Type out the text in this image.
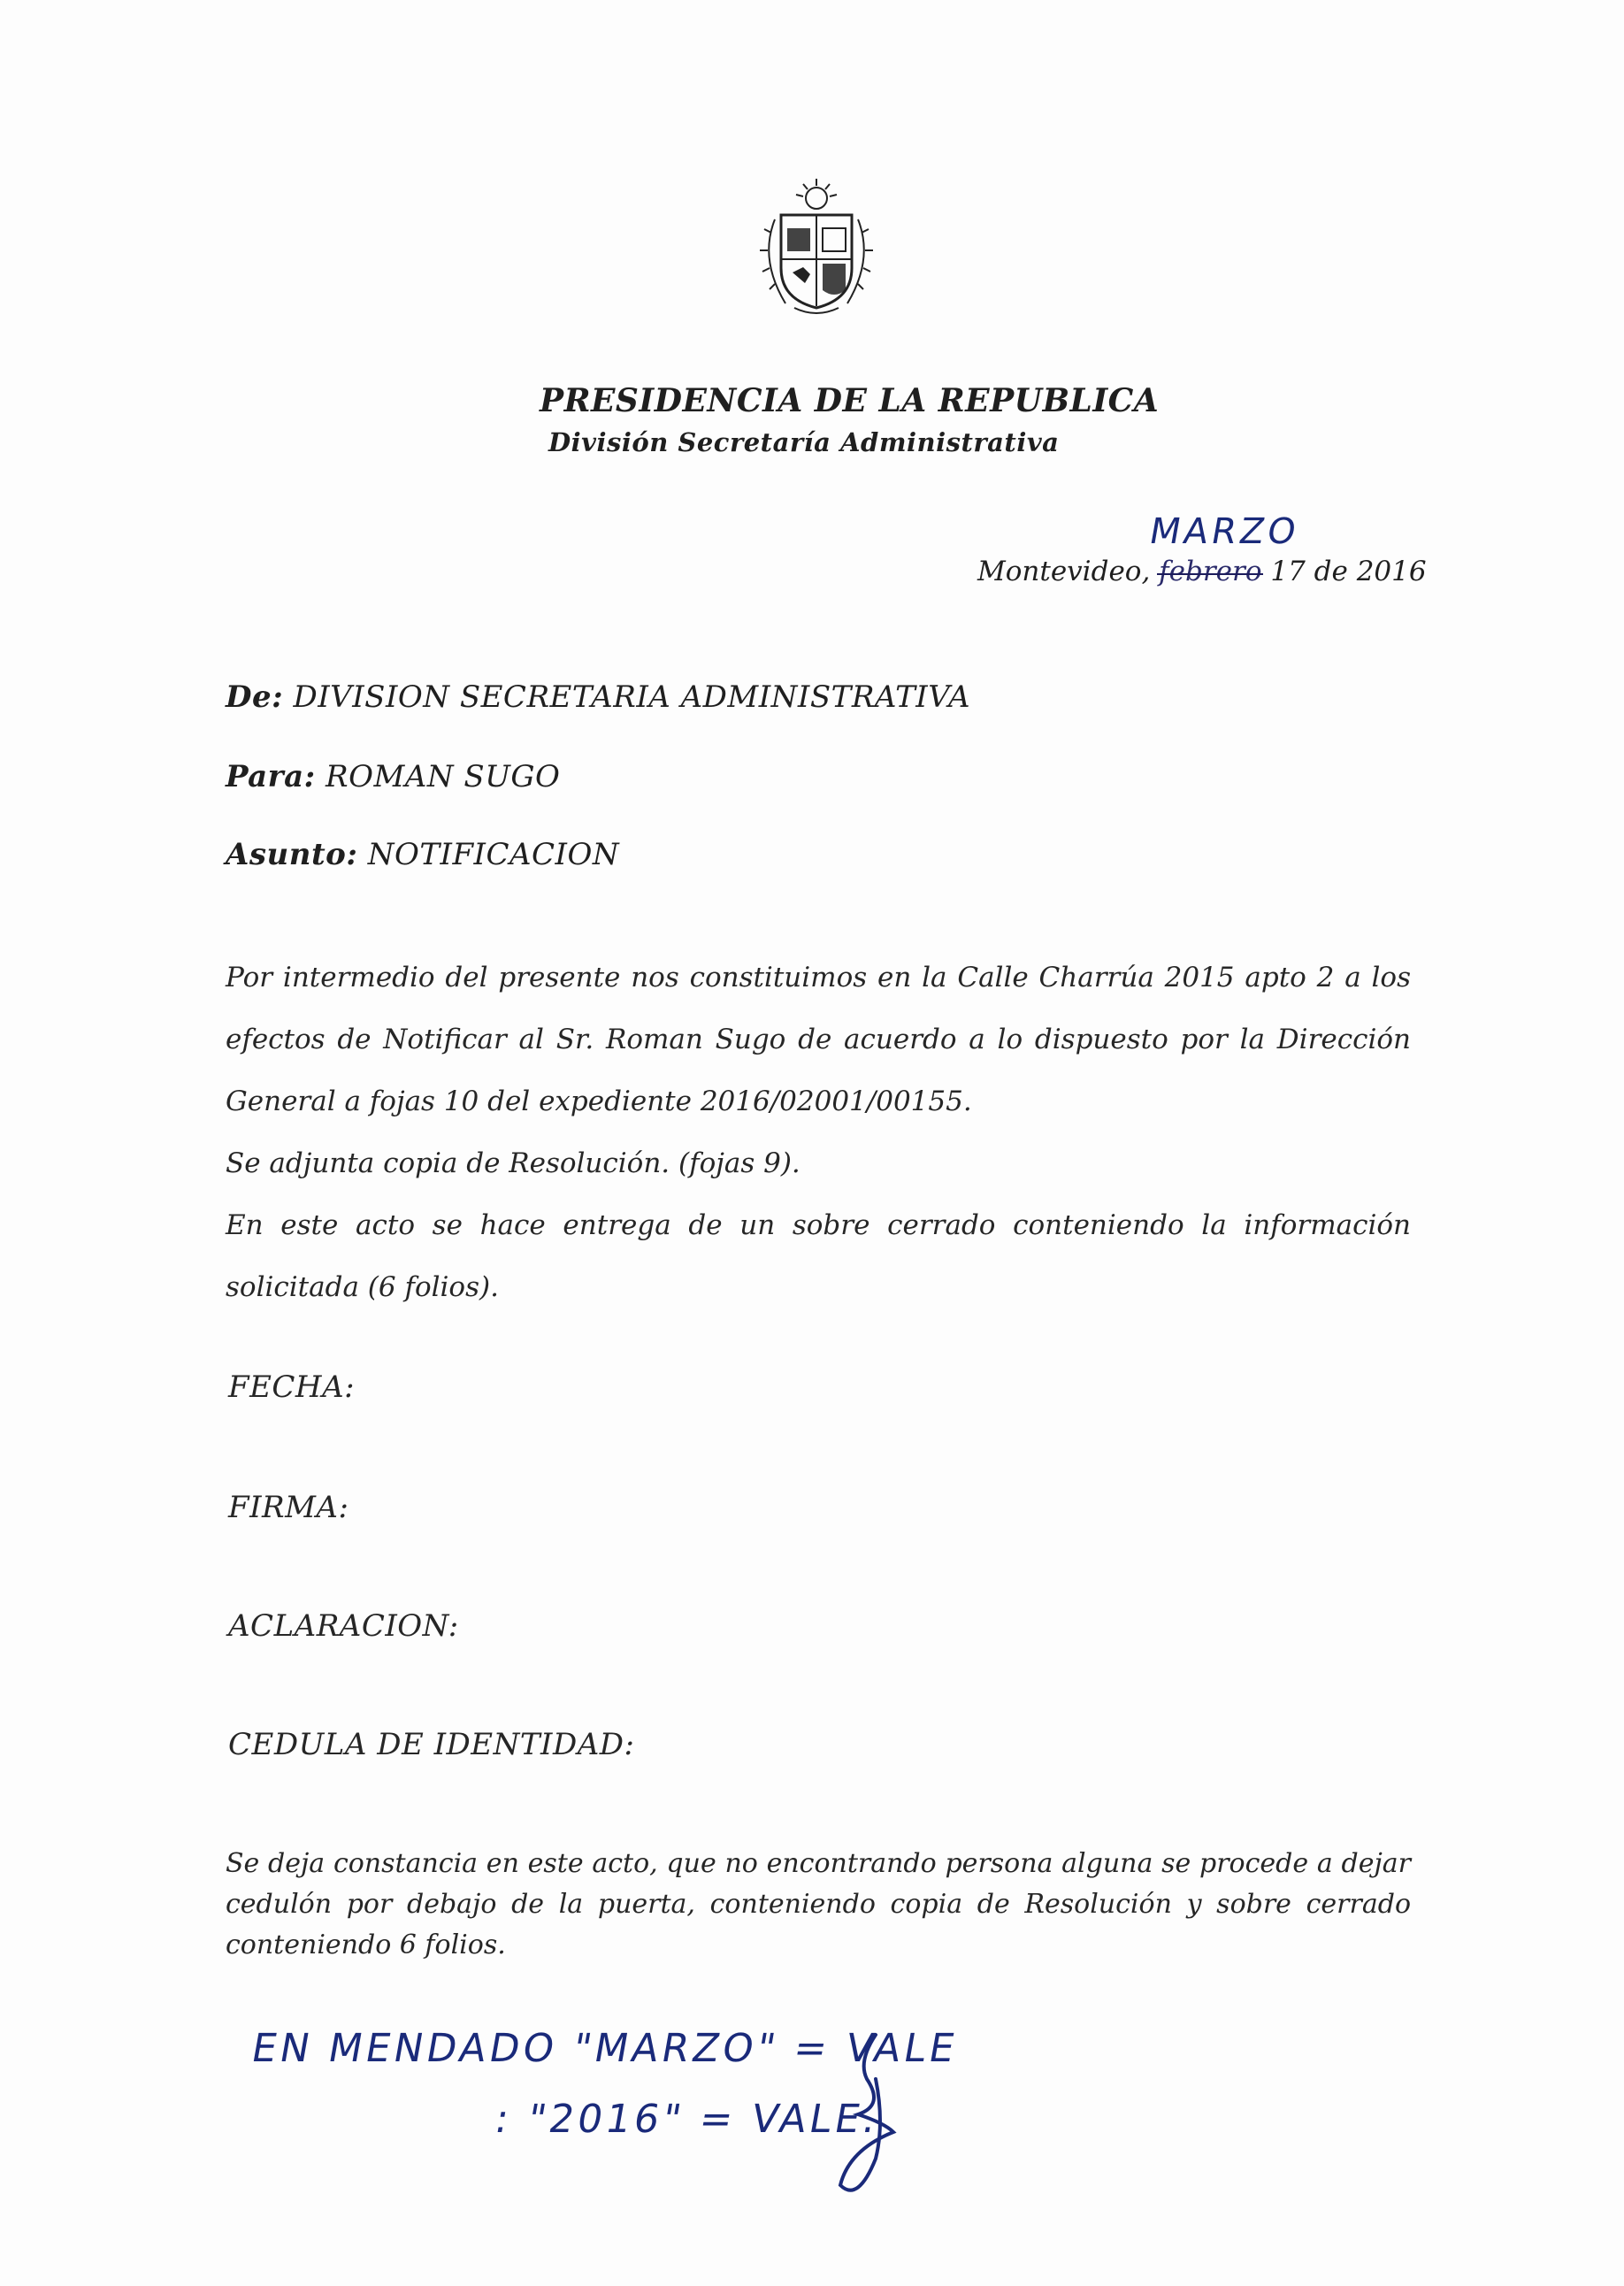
PRESIDENCIA DE LA REPUBLICA
División Secretaría Administrativa
MARZO
Montevideo, febrero 17 de 2016
De: DIVISION SECRETARIA ADMINISTRATIVA
Para: ROMAN SUGO
Asunto: NOTIFICACION

Por intermedio del presente nos constituimos en la Calle Charrúa 2015 apto 2 a los efectos de Notificar al Sr. Roman Sugo de acuerdo a lo dispuesto por la Dirección General a fojas 10 del expediente 2016/02001/00155.

Se adjunta copia de Resolución. (fojas 9).

En este acto se hace entrega de un sobre cerrado conteniendo la información solicitada (6 folios).

FECHA:
FIRMA:
ACLARACION:
CEDULA DE IDENTIDAD:
Se deja constancia en este acto, que no encontrando persona alguna se procede a dejar cedulón por debajo de la puerta, conteniendo copia de Resolución y sobre cerrado conteniendo 6 folios.
EN MENDADO "MARZO" = VALE
: "2016" = VALE.
